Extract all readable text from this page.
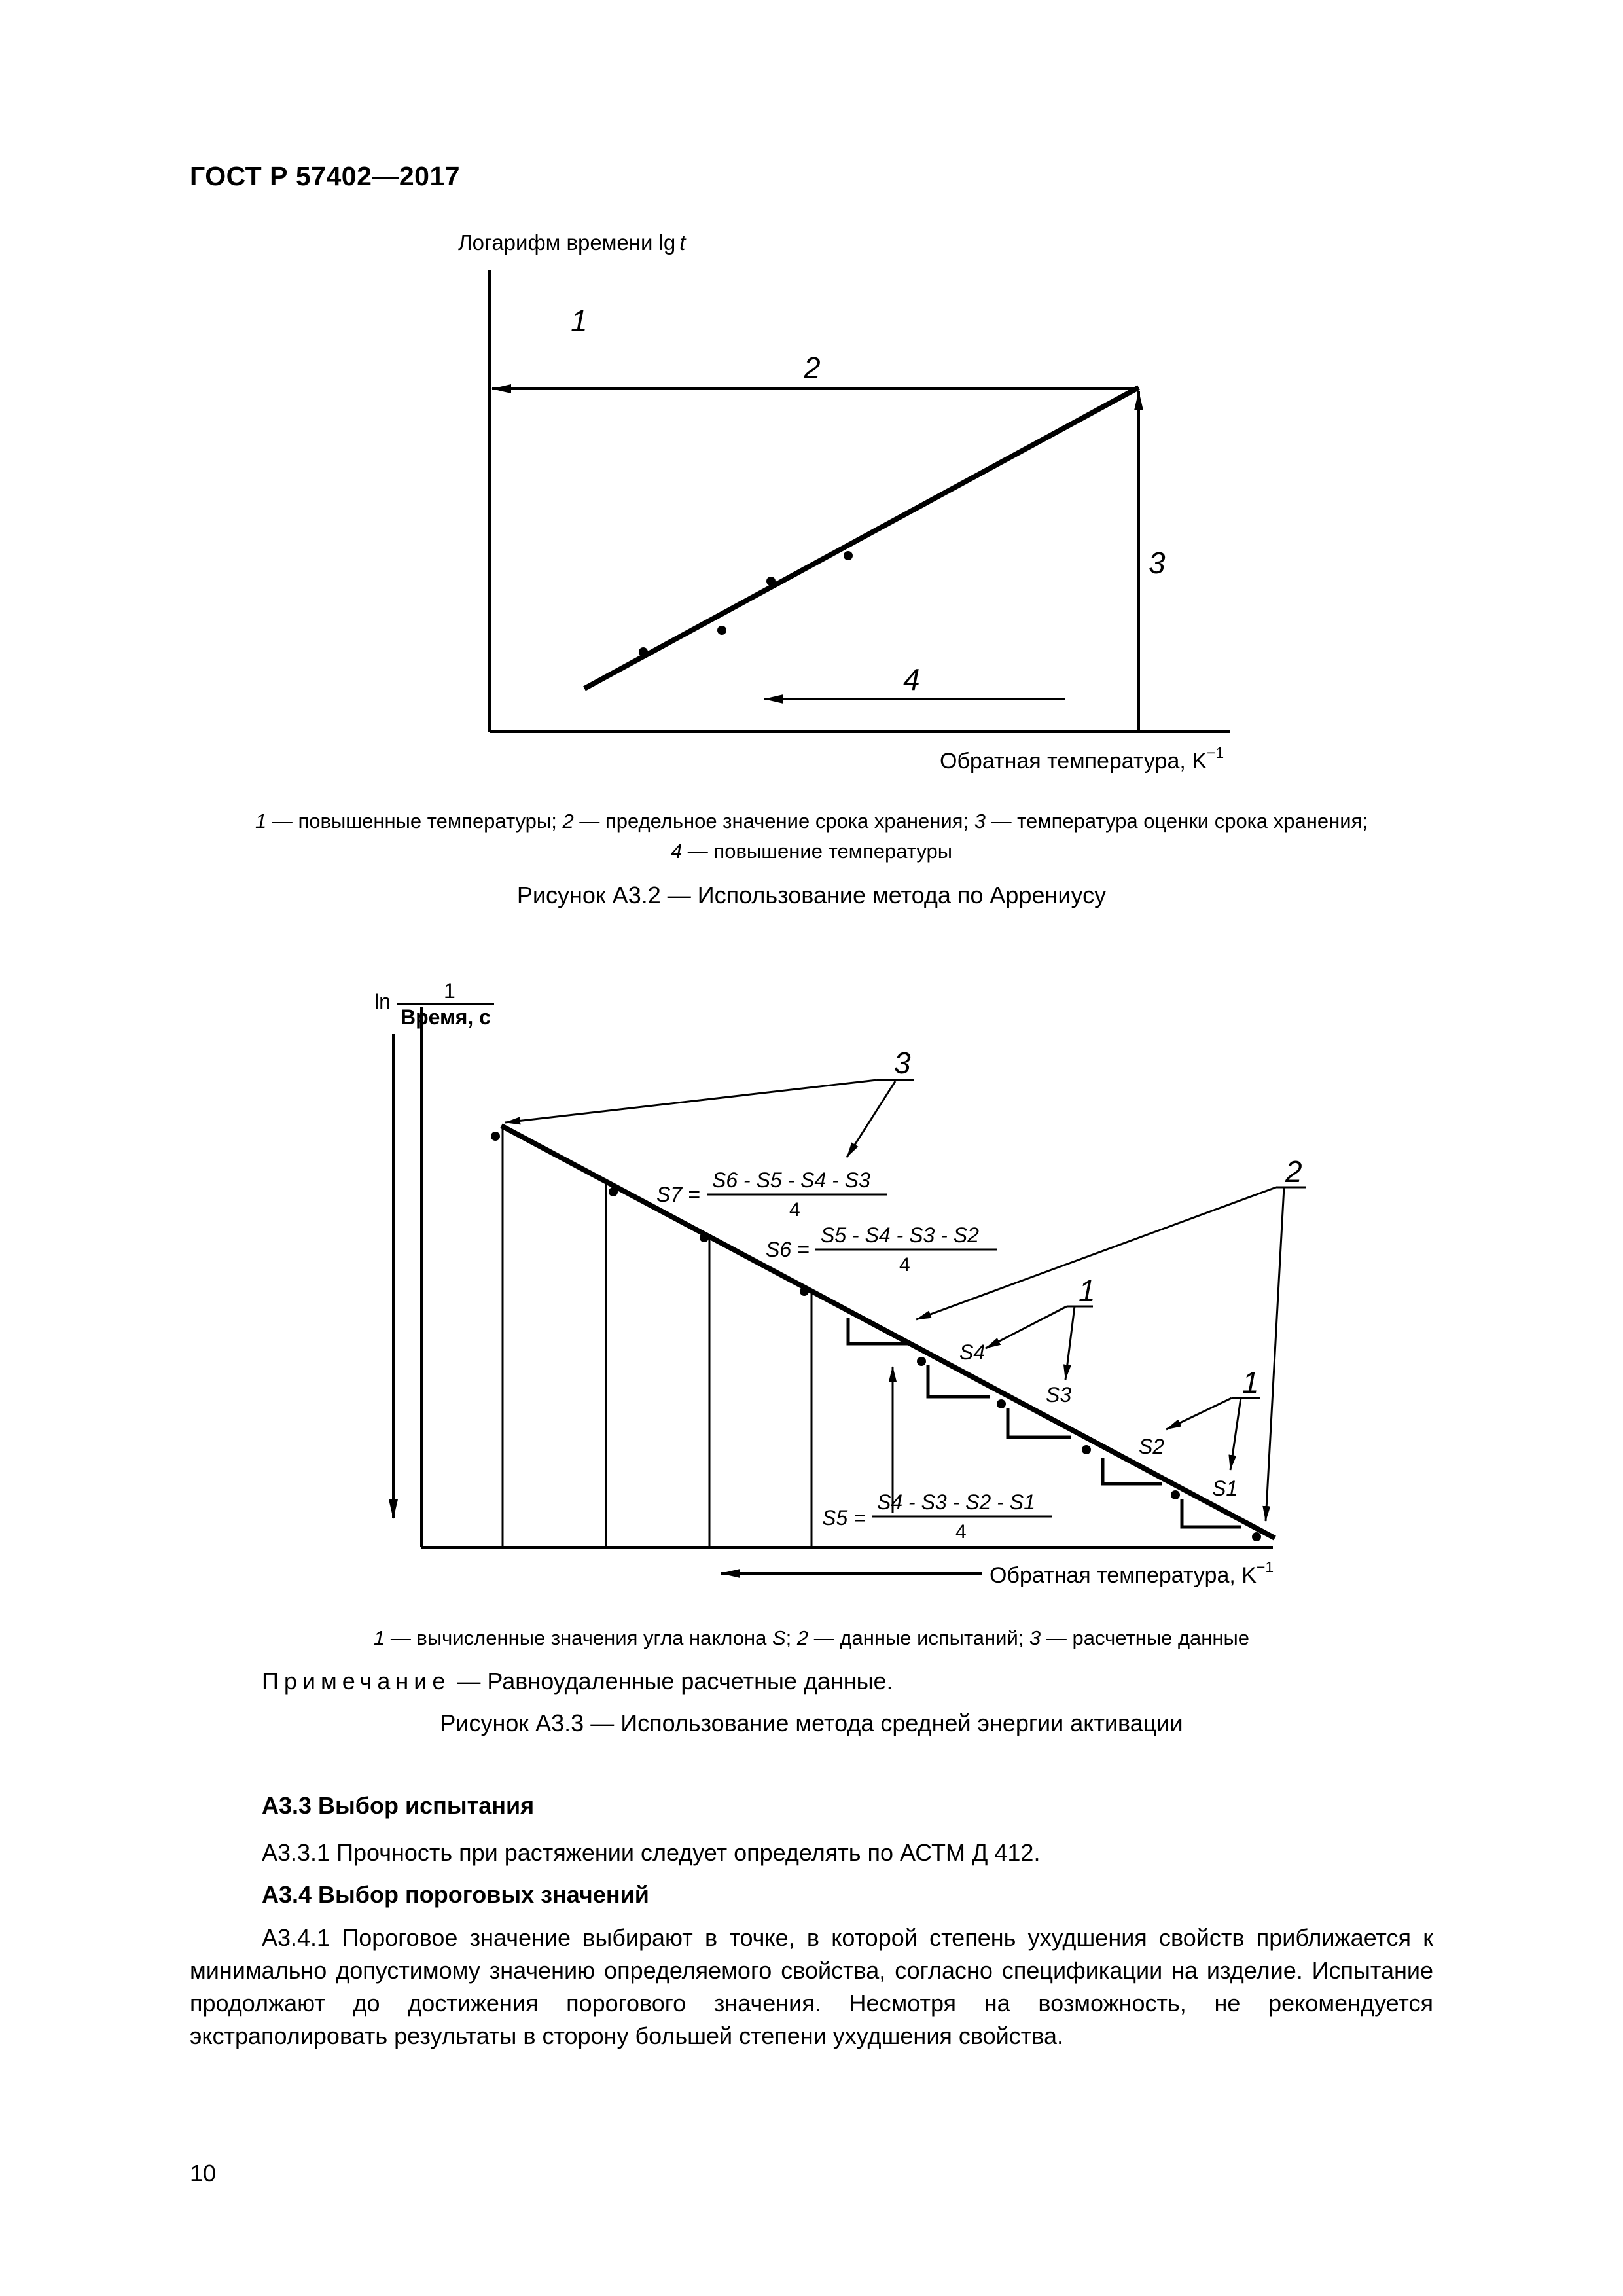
ГОСТ Р 57402—2017
Логарифм времени lg t
1
2
3
4
Обратная температура, $K^{-1}$
1 — повышенные температуры; 2 — предельное значение срока хранения; 3 — температура оценки срока хранения;
4 — повышение температуры
Рисунок А3.2 — Использование метода по Аррениусу
ln	1
Время, с
S7 =
S6 - S5 - S4 - S3
4
S6 =
S5 - S4 - S3 - S2
4
S5 =
S4 - S3 - S2 - S1
4
S4
S3
S2
S1
1
1
2
3
Обратная температура, $K^{-1}$
1 — вычисленные значения угла наклона S; 2 — данные испытаний; 3 — расчетные данные
Примечание — Равноудаленные расчетные данные.
Рисунок А3.3 — Использование метода средней энергии активации
А3.3 Выбор испытания
А3.3.1 Прочность при растяжении следует определять по АСТМ Д 412.
А3.4 Выбор пороговых значений
А3.4.1 Пороговое значение выбирают в точке, в которой степень ухудшения свойств приближается к минимально допустимому значению определяемого свойства, согласно спецификации на изделие. Испытание продолжают до достижения порогового значения. Несмотря на возможность, не рекомендуется экстраполировать результаты в сторону большей степени ухудшения свойства.
10
